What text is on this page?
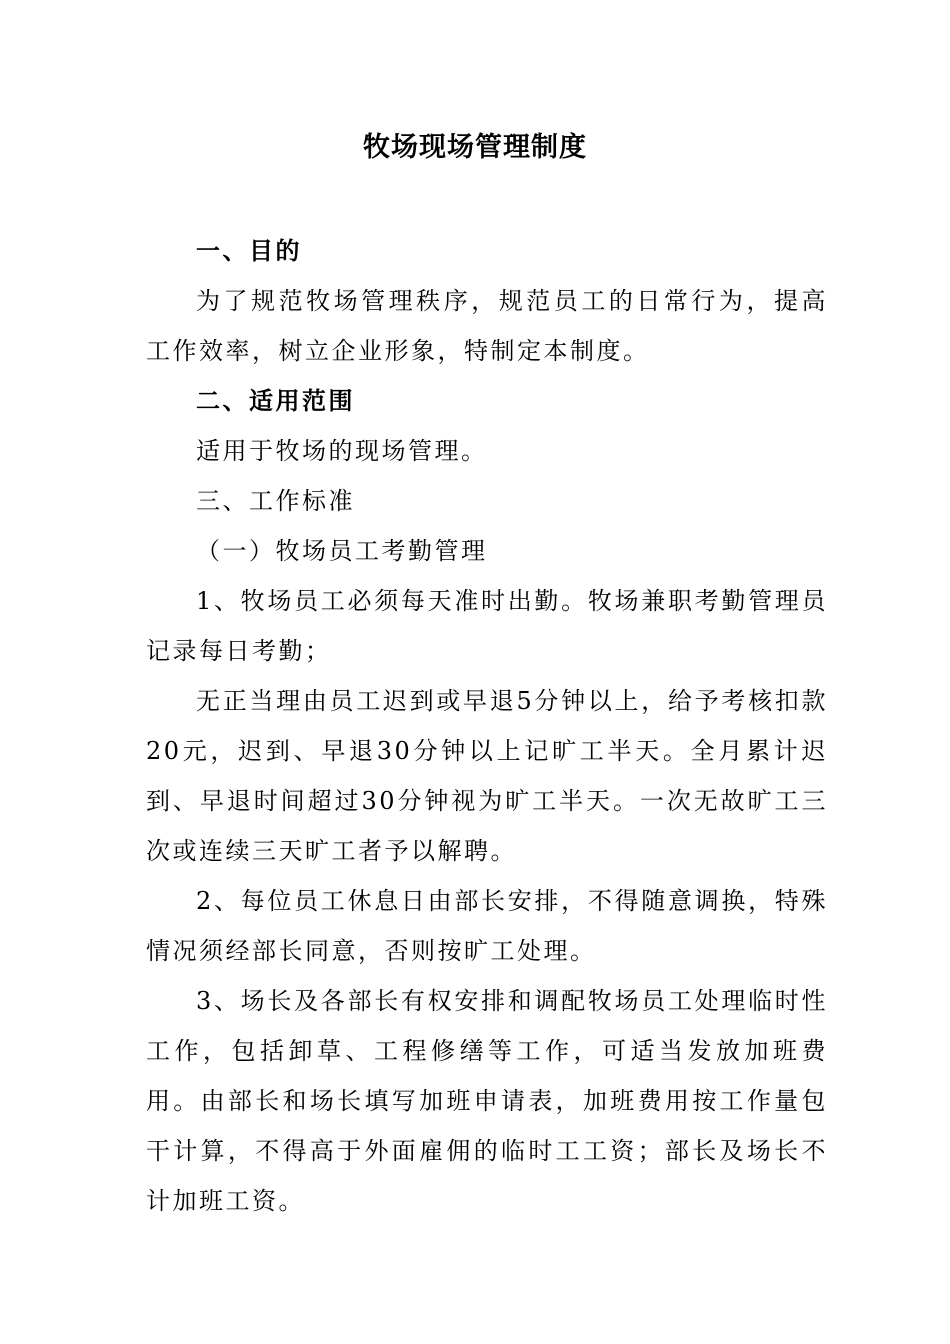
牧场现场管理制度

一、目的

为了规范牧场管理秩序，规范员工的日常行为，提高工作效率，树立企业形象，特制定本制度。

二、适用范围

适用于牧场的现场管理。

三、工作标准

（一）牧场员工考勤管理

1、牧场员工必须每天准时出勤。牧场兼职考勤管理员记录每日考勤；

无正当理由员工迟到或早退5分钟以上，给予考核扣款20元，迟到、早退30分钟以上记旷工半天。全月累计迟到、早退时间超过30分钟视为旷工半天。一次无故旷工三次或连续三天旷工者予以解聘。

2、每位员工休息日由部长安排，不得随意调换，特殊情况须经部长同意，否则按旷工处理。

3、场长及各部长有权安排和调配牧场员工处理临时性工作，包括卸草、工程修缮等工作，可适当发放加班费用。由部长和场长填写加班申请表，加班费用按工作量包干计算，不得高于外面雇佣的临时工工资；部长及场长不计加班工资。
